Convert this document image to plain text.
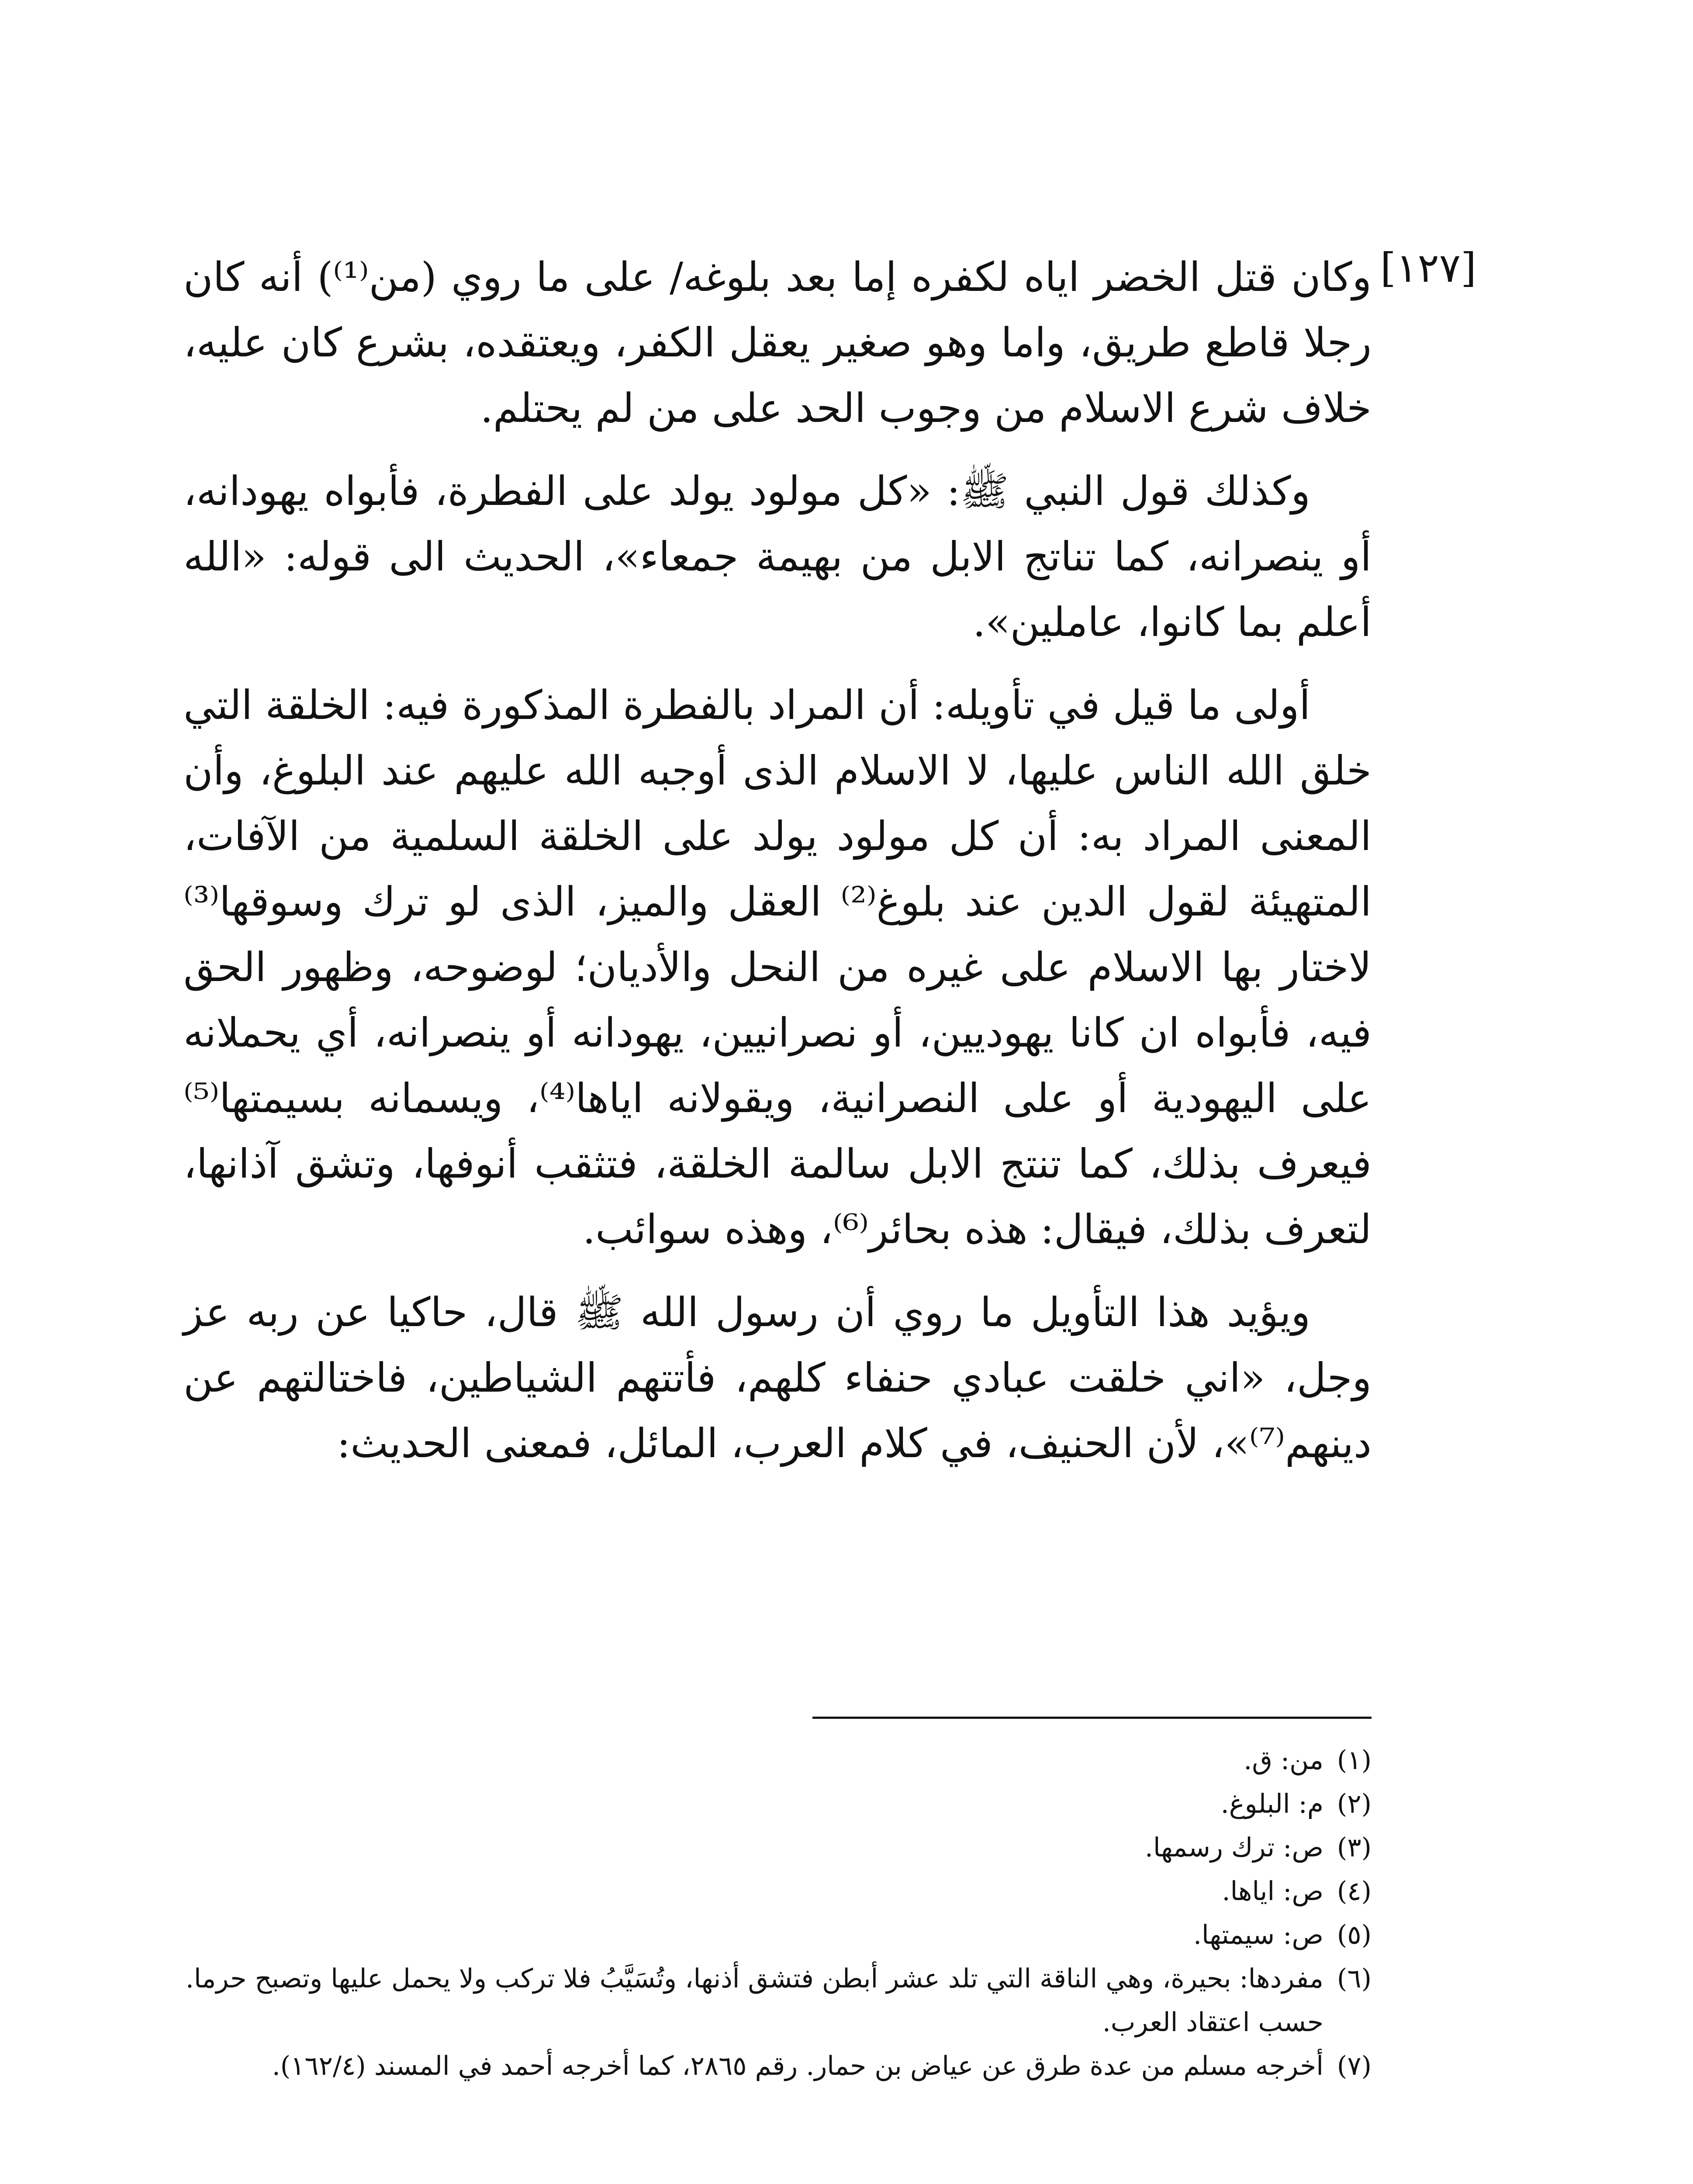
[١٢٧]

وكان قتل الخضر اياه لكفره إما بعد بلوغه/ على ما روي (من⁽¹⁾) أنه كان رجلا قاطع طريق، واما وهو صغير يعقل الكفر، ويعتقده، بشرع كان عليه، خلاف شرع الاسلام من وجوب الحد على من لم يحتلم.

وكذلك قول النبي ﷺ: «كل مولود يولد على الفطرة، فأبواه يهودانه، أو ينصرانه، كما تناتج الابل من بهيمة جمعاء»، الحديث الى قوله: «الله أعلم بما كانوا، عاملين».

أولى ما قيل في تأويله: أن المراد بالفطرة المذكورة فيه: الخلقة التي خلق الله الناس عليها، لا الاسلام الذى أوجبه الله عليهم عند البلوغ، وأن المعنى المراد به: أن كل مولود يولد على الخلقة السلمية من الآفات، المتهيئة لقول الدين عند بلوغ⁽²⁾ العقل والميز، الذى لو ترك وسوقها⁽³⁾ لاختار بها الاسلام على غيره من النحل والأديان؛ لوضوحه، وظهور الحق فيه، فأبواه ان كانا يهوديين، أو نصرانيين، يهودانه أو ينصرانه، أي يحملانه على اليهودية أو على النصرانية، ويقولانه اياها⁽⁴⁾، ويسمانه بسيمتها⁽⁵⁾ فيعرف بذلك، كما تنتج الابل سالمة الخلقة، فتثقب أنوفها، وتشق آذانها، لتعرف بذلك، فيقال: هذه بحائر⁽⁶⁾، وهذه سوائب.

ويؤيد هذا التأويل ما روي أن رسول الله ﷺ قال، حاكيا عن ربه عز وجل، «اني خلقت عبادي حنفاء كلهم، فأتتهم الشياطين، فاختالتهم عن دينهم⁽⁷⁾»، لأن الحنيف، في كلام العرب، المائل، فمعنى الحديث:

(١)
من: ق.
(٢)
م: البلوغ.
(٣)
ص: ترك رسمها.
(٤)
ص: اياها.
(٥)
ص: سيمتها.
(٦)
مفردها: بحيرة، وهي الناقة التي تلد عشر أبطن فتشق أذنها، وتُسَيَّبُ فلا تركب ولا يحمل عليها وتصبح حرما. حسب اعتقاد العرب.
(٧)
أخرجه مسلم من عدة طرق عن عياض بن حمار. رقم ٢٨٦٥، كما أخرجه أحمد في المسند (١٦٢/٤).
